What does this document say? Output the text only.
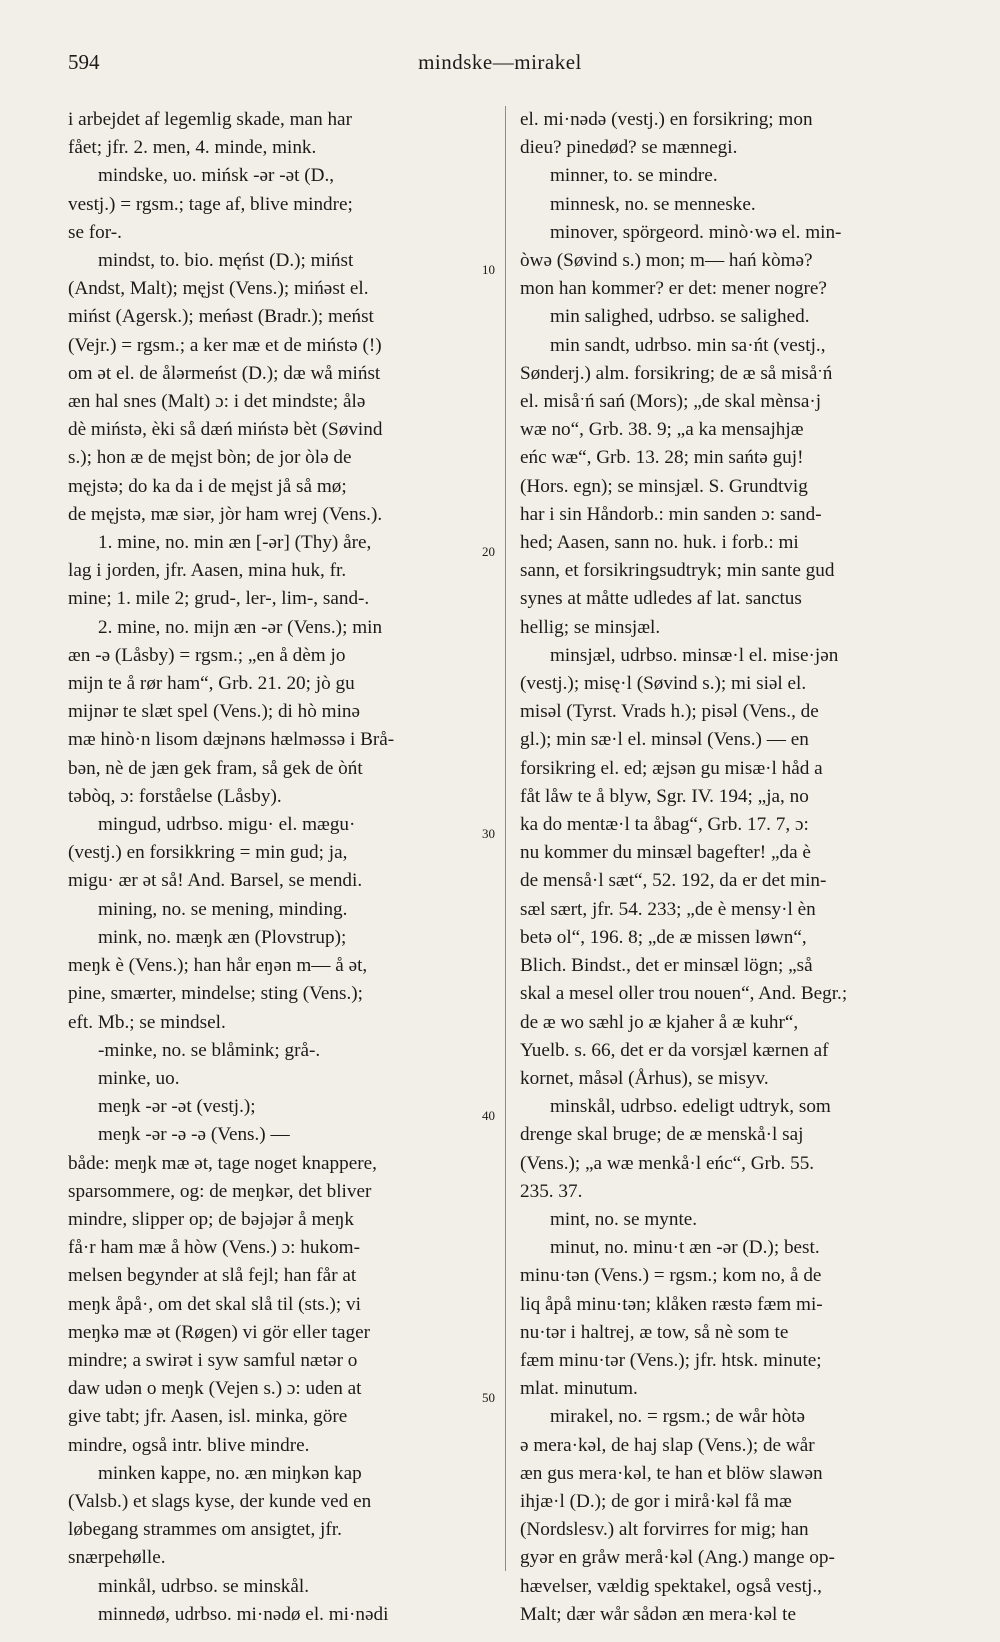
594	mindske—mirakel

i arbejdet af legemlig skade, man har

fået; jfr. 2. men, 4. minde, mink.

mindske, uo. mińsk -ər -ət (D.,

vestj.) = rgsm.; tage af, blive mindre;

se for-.

mindst, to. bio. męńst (D.); mińst

(Andst, Malt); męjst (Vens.); mińəst el.

mińst (Agersk.); meńəst (Bradr.); meńst

(Vejr.) = rgsm.; a ker mæ et de miństə (!)

om ət el. de ålərmeńst (D.); dæ wå mińst

æn hal snes (Malt) ɔ: i det mindste; ålə

dè miństə, èki så dæń miństə bèt (Søvind

s.); hon æ de męjst bòn; de jor òlə de

męjstə; do ka da i de męjst jå så mø;

de męjstə, mæ siər, jòr ham wrej (Vens.).

1. mine, no. min æn [-ər] (Thy) åre,

lag i jorden, jfr. Aasen, mina huk, fr.

mine; 1. mile 2; grud-, ler-, lim-, sand-.

2. mine, no. mijn æn -ər (Vens.); min

æn -ə (Låsby) = rgsm.; „en å dèm jo

mijn te å rør ham“, Grb. 21. 20; jò gu

mijnər te slæt spel (Vens.); di hò minə

mæ hinò·n lisom dæjnəns hælməssə i Brå-

bən, nè de jæn gek fram, så gek de òńt

təbòq, ɔ: forståelse (Låsby).

mingud, udrbso. migu· el. mægu·

(vestj.) en forsikkring = min gud; ja,

migu· ær ət så! And. Barsel, se mendi.

mining, no. se mening, minding.

mink, no. mæŋk æn (Plovstrup);

meŋk è (Vens.); han hår eŋən m— å ət,

pine, smærter, mindelse; sting (Vens.);

eft. Mb.; se mindsel.

-minke, no. se blåmink; grå-.

minke, uo.

meŋk -ər -ət (vestj.);

meŋk -ər -ə -ə (Vens.) —

både: meŋk mæ ət, tage noget knappere,

sparsommere, og: de meŋkər, det bliver

mindre, slipper op; de bəjəjər å meŋk

få·r ham mæ å hòw (Vens.) ɔ: hukom-

melsen begynder at slå fejl; han får at

meŋk åpå·, om det skal slå til (sts.); vi

meŋkə mæ ət (Røgen) vi gör eller tager

mindre; a swirət i syw samful nætər o

daw udən o meŋk (Vejen s.) ɔ: uden at

give tabt; jfr. Aasen, isl. minka, göre

mindre, også intr. blive mindre.

minken kappe, no. æn miŋkən kap

(Valsb.) et slags kyse, der kunde ved en

løbegang strammes om ansigtet, jfr.

snærpehølle.

minkål, udrbso. se minskål.

minnedø, udrbso. mi·nədø el. mi·nədi

el. mi·nədə (vestj.) en forsikring; mon

dieu? pinedød? se mænnegi.

minner, to. se mindre.

minnesk, no. se menneske.

minover, spörgeord. minò·wə el. min-

òwə (Søvind s.) mon; m— hań kòmə?

mon han kommer? er det: mener nogre?

min salighed, udrbso. se salighed.

min sandt, udrbso. min sa·ńt (vestj.,

Sønderj.) alm. forsikring; de æ så misåˑń

el. misåˑń sań (Mors); „de skal mènsa·j

wæ no“, Grb. 38. 9; „a ka mensajhjæ

eńc wæ“, Grb. 13. 28; min sańtə guj!

(Hors. egn); se minsjæl. S. Grundtvig

har i sin Håndorb.: min sanden ɔ: sand-

hed; Aasen, sann no. huk. i forb.: mi

sann, et forsikringsudtryk; min sante gud

synes at måtte udledes af lat. sanctus

hellig; se minsjæl.

minsjæl, udrbso. minsæ·l el. mise·jən

(vestj.); misę·l (Søvind s.); mi siəl el.

misəl (Tyrst. Vrads h.); pisəl (Vens., de

gl.); min sæ·l el. minsəl (Vens.) — en

forsikring el. ed; æjsən gu misæ·l håd a

fåt låw te å blyw, Sgr. IV. 194; „ja, no

ka do mentæ·l ta åbag“, Grb. 17. 7, ɔ:

nu kommer du minsæl bagefter! „da è

de menså·l sæt“, 52. 192, da er det min-

sæl sært, jfr. 54. 233; „de è mensy·l èn

betə ol“, 196. 8; „de æ missen løwn“,

Blich. Bindst., det er minsæl lögn; „så

skal a mesel oller trou nouen“, And. Begr.;

de æ wo sæhl jo æ kjaher å æ kuhr“,

Yuelb. s. 66, det er da vorsjæl kærnen af

kornet, måsəl (Århus), se misyv.

minskål, udrbso. edeligt udtryk, som

drenge skal bruge; de æ menskå·l saj

(Vens.); „a wæ menkå·l eńc“, Grb. 55.

235. 37.

mint, no. se mynte.

minut, no. minu·t æn -ər (D.); best.

minu·tən (Vens.) = rgsm.; kom no, å de

liq åpå minu·tən; klåken ræstə fæm mi-

nu·tər i haltrej, æ tow, så nè som te

fæm minu·tər (Vens.); jfr. htsk. minute;

mlat. minutum.

mirakel, no. = rgsm.; de wår hòtə

ə mera·kəl, de haj slap (Vens.); de wår

æn gus mera·kəl, te han et blöw slawən

ihjæ·l (D.); de gor i mirå·kəl få mæ

(Nordslesv.) alt forvirres for mig; han

gyər en gråw merå·kəl (Ang.) mange op-

hævelser, vældig spektakel, også vestj.,

Malt; dær wår sådən æn mera·kəl te

10
20
30
40
50
